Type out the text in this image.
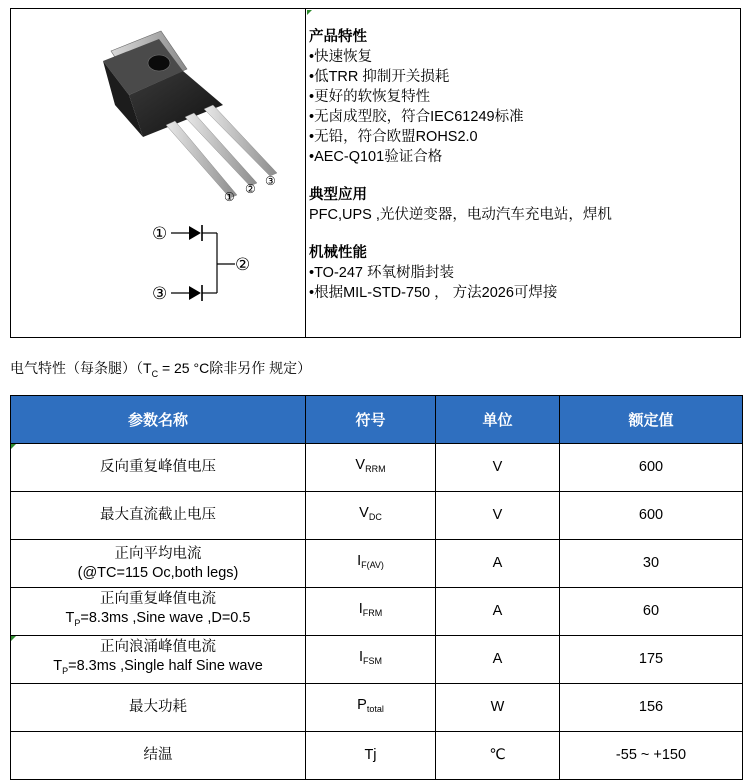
①
②
③
①
③
②
产品特性
•快速恢复
•低TRR 抑制开关损耗
•更好的软恢复特性
•无卤成型胶，符合IEC61249标准
•无铅，符合欧盟ROHS2.0
•AEC-Q101验证合格
典型应用
PFC,UPS ,光伏逆变器，电动汽车充电站，焊机
机械性能
•TO-247 环氧树脂封装
•根据MIL-STD-750 ， 方法2026可焊接
电气特性（每条腿）（$T_C = 25$ °C除非另作 规定）
参数名称	符号	单位	额定值

反向重复峰值电压	$V_{RRM}$	V	600

最大直流截止电压	$V_{DC}$	V	600

正向平均电流
(@TC=115 Oc,both legs)	$I_{F(AV)}$	A	30

正向重复峰值电流
$T_P=8.3ms$ ,Sine wave ,D=0.5	$I_{FRM}$	A	60

正向浪涌峰值电流
$T_P=8.3ms$ ,Single half Sine wave	$I_{FSM}$	A	175

最大功耗	$P_{total}$	W	156

结温	Tj	℃	-55 ~ +150
